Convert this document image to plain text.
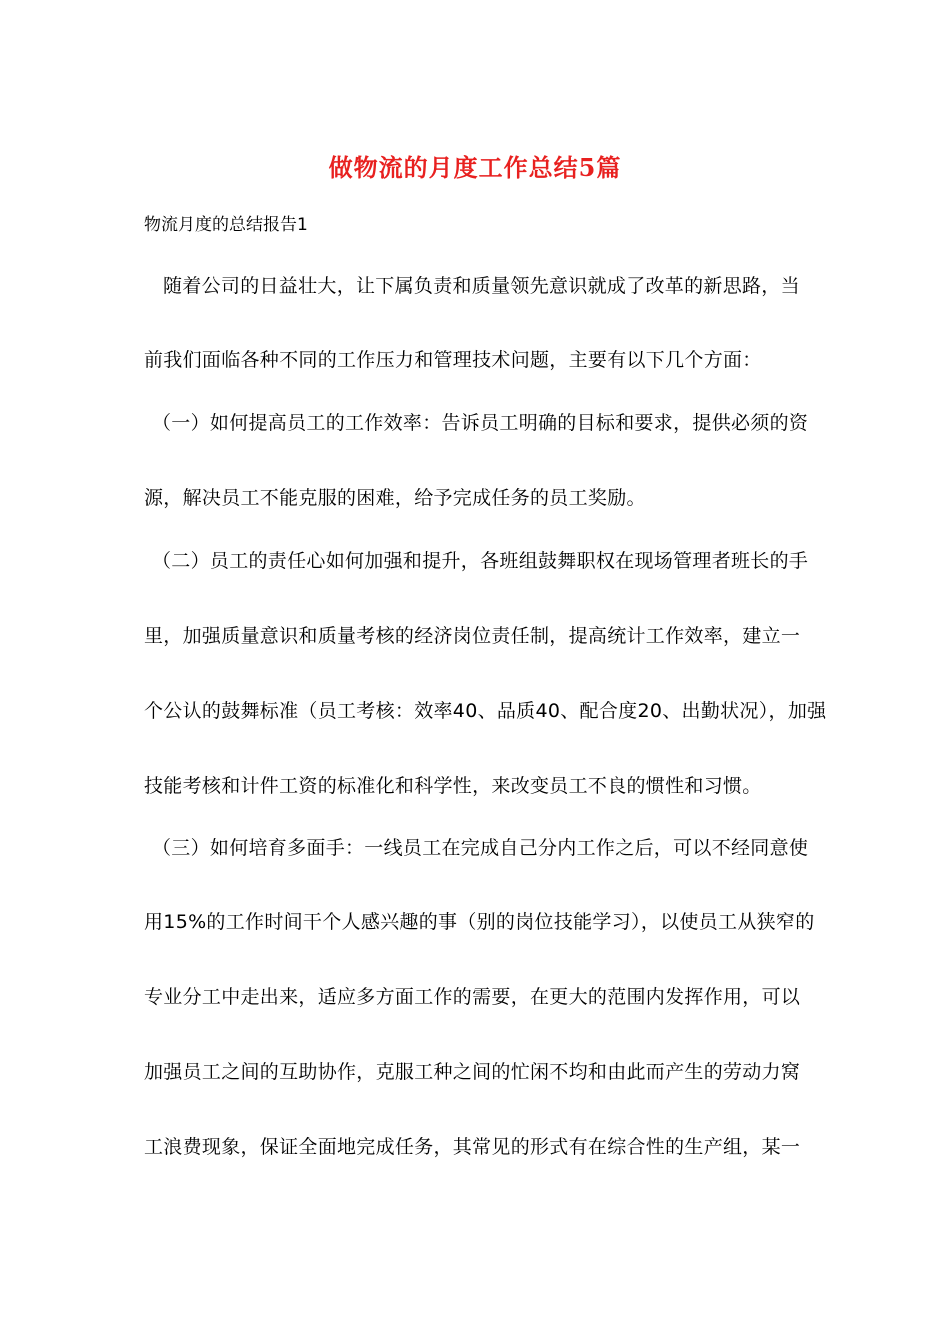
做物流的月度工作总结5篇
物流月度的总结报告1
随着公司的日益壮大，让下属负责和质量领先意识就成了改革的新思路，当
前我们面临各种不同的工作压力和管理技术问题，主要有以下几个方面：
（一）如何提高员工的工作效率：告诉员工明确的目标和要求，提供必须的资
源，解决员工不能克服的困难，给予完成任务的员工奖励。
（二）员工的责任心如何加强和提升，各班组鼓舞职权在现场管理者班长的手
里，加强质量意识和质量考核的经济岗位责任制，提高统计工作效率，建立一
个公认的鼓舞标准（员工考核：效率40、品质40、配合度20、出勤状况），加强
技能考核和计件工资的标准化和科学性，来改变员工不良的惯性和习惯。
（三）如何培育多面手：一线员工在完成自己分内工作之后，可以不经同意使
用15%的工作时间干个人感兴趣的事（别的岗位技能学习），以使员工从狭窄的
专业分工中走出来，适应多方面工作的需要，在更大的范围内发挥作用，可以
加强员工之间的互助协作，克服工种之间的忙闲不均和由此而产生的劳动力窝
工浪费现象，保证全面地完成任务，其常见的形式有在综合性的生产组，某一
